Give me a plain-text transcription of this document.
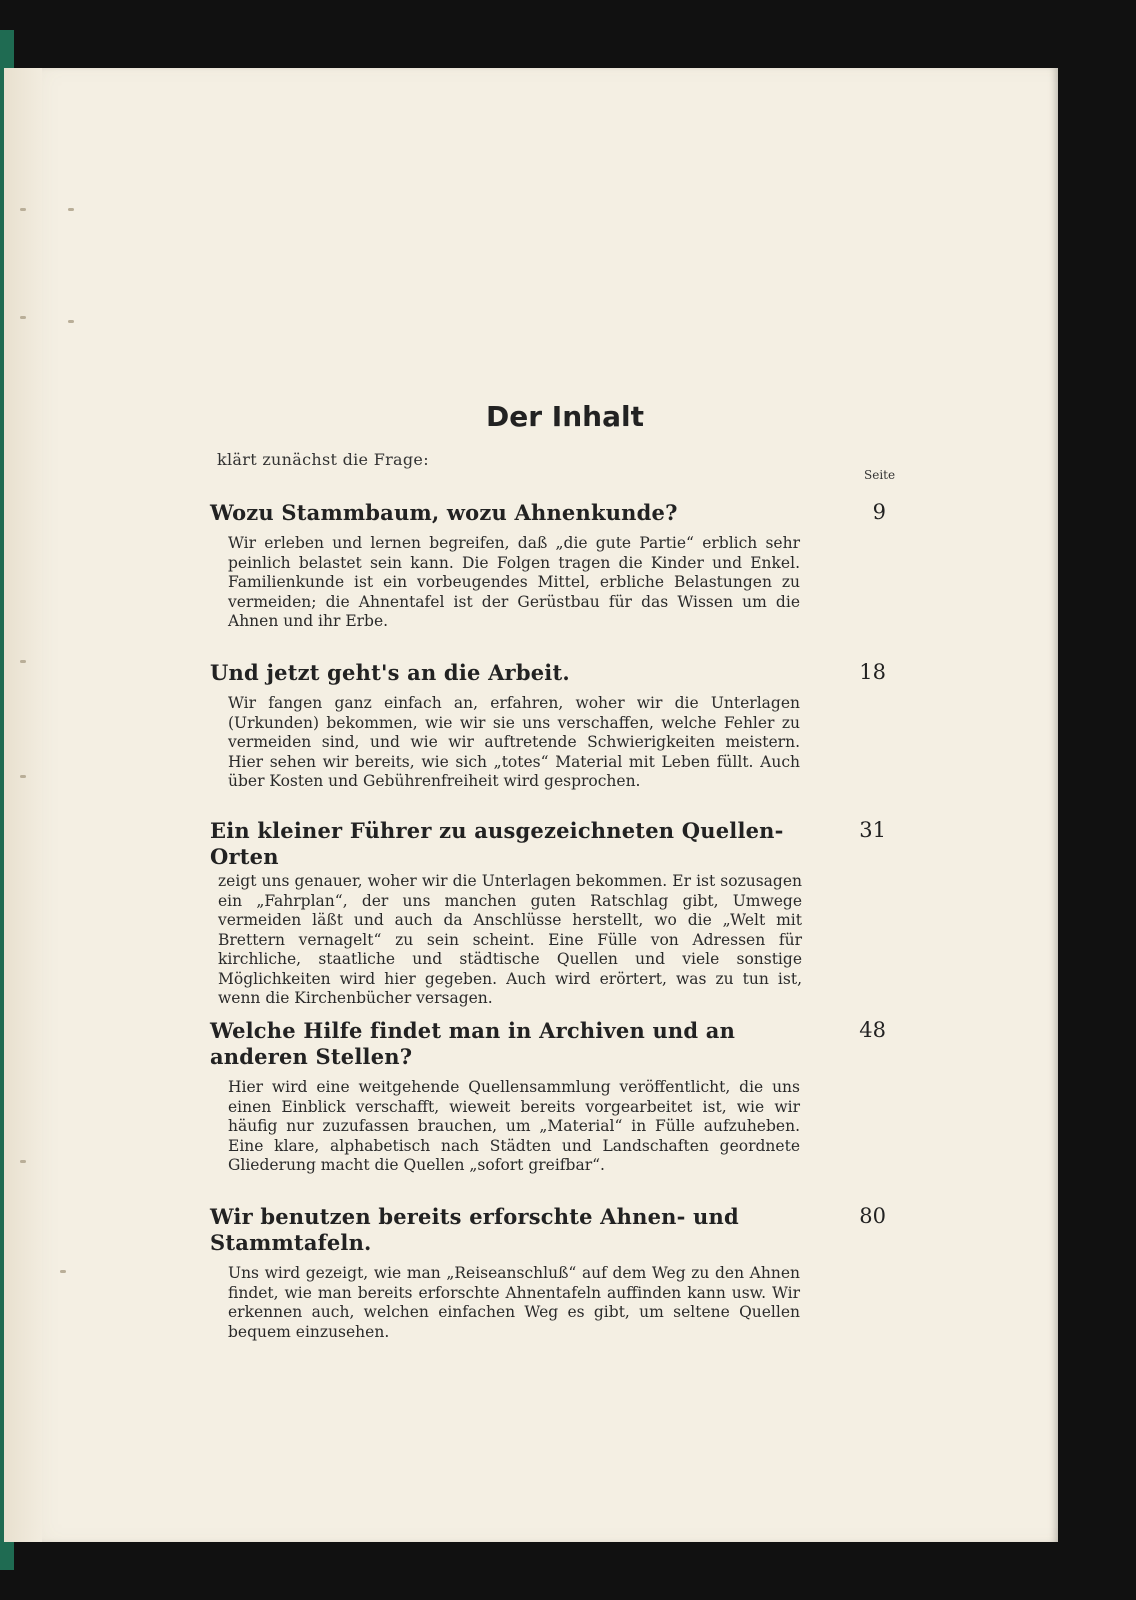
Der Inhalt
klärt zunächst die Frage:
Seite
Wozu Stammbaum, wozu Ahnenkunde?	9
Wir erleben und lernen begreifen, daß „die gute Partie“ erblich sehr peinlich belastet sein kann. Die Folgen tragen die Kinder und Enkel. Familienkunde ist ein vorbeugendes Mittel, erbliche Belastungen zu vermeiden; die Ahnentafel ist der Gerüstbau für das Wissen um die Ahnen und ihr Erbe.
Und jetzt geht's an die Arbeit.	18
Wir fangen ganz einfach an, erfahren, woher wir die Unterlagen (Urkunden) bekommen, wie wir sie uns verschaffen, welche Fehler zu vermeiden sind, und wie wir auftretende Schwierigkeiten meistern. Hier sehen wir bereits, wie sich „totes“ Material mit Leben füllt. Auch über Kosten und Gebührenfreiheit wird gesprochen.
Ein kleiner Führer zu ausgezeichneten Quellen-Orten
31
zeigt uns genauer, woher wir die Unterlagen bekommen. Er ist sozusagen ein „Fahrplan“, der uns manchen guten Ratschlag gibt, Umwege vermeiden läßt und auch da Anschlüsse herstellt, wo die „Welt mit Brettern vernagelt“ zu sein scheint. Eine Fülle von Adressen für kirchliche, staatliche und städtische Quellen und viele sonstige Möglichkeiten wird hier gegeben. Auch wird erörtert, was zu tun ist, wenn die Kirchenbücher versagen.
Welche Hilfe findet man in Archiven und an anderen Stellen?
48
Hier wird eine weitgehende Quellensammlung veröffentlicht, die uns einen Einblick verschafft, wieweit bereits vorgearbeitet ist, wie wir häufig nur zuzufassen brauchen, um „Material“ in Fülle aufzuheben. Eine klare, alphabetisch nach Städten und Landschaften geordnete Gliederung macht die Quellen „sofort greifbar“.
Wir benutzen bereits erforschte Ahnen- und Stammtafeln.
80
Uns wird gezeigt, wie man „Reiseanschluß“ auf dem Weg zu den Ahnen findet, wie man bereits erforschte Ahnentafeln auffinden kann usw. Wir erkennen auch, welchen einfachen Weg es gibt, um seltene Quellen bequem einzusehen.
